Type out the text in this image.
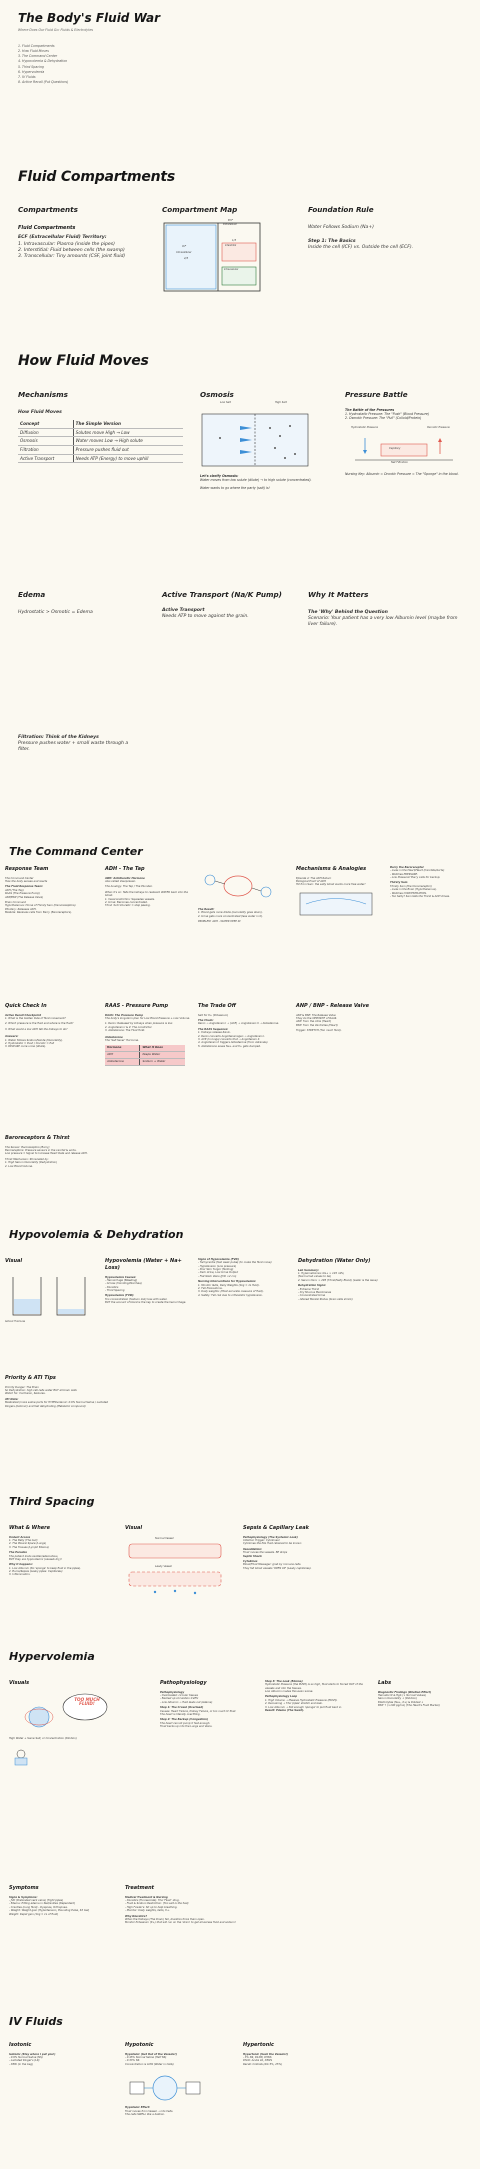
The Body's Fluid War
Where Does Our Fluid Go: Fluids & Electrolytes
1. Fluid Compartments
2. How Fluid Moves
3. The Command Center
4. Hypovolemia & Dehydration
5. Third Spacing
6. Hypervolemia
7. IV Fluids
8. Active Recall (Put Questions)
Fluid Compartments
Compartments
Fluid Compartments
ECF (Extracellular Fluid) Territory:
1. Intravascular: Plasma (inside the pipes)
2. Interstitial: Fluid between cells (the swamp)
3. Transcellular: Tiny amounts (CSF, joint fluid)
Compartment Map
ICF
Intracellular
2/3
ECF
Extracellular
1/3
Interstitial
Intravascular
Foundation Rule
Water Follows Sodium (Na+)
Step 1: The Basics
Inside the cell (ICF) vs. Outside the cell (ECF).
How Fluid Moves
Mechanisms
How Fluid Moves
Concept	The Simple Version
Diffusion	Solutes move High → Low
Osmosis	Water moves Low → High solute
Filtration	Pressure pushes fluid out
Active Transport	Needs ATP (Energy) to move uphill
Osmosis
Low Salt	High Salt
Let's clarify Osmosis:
Water moves from low solute (dilute) → to high solute (concentrated).
Water wants to go where the party (salt) is!
Pressure Battle
The Battle of the Pressures
1. Hydrostatic Pressure: The "Push" (Blood Pressure)
2. Osmotic Pressure: The "Pull" (Colloid/Protein)
Hydrostatic Pressure	Osmotic Pressure
Capillary
Net Filtration
Nursing Key: Albumin = Oncotic Pressure = The "Sponge" in the blood.
Edema
Hydrostatic > Osmotic = Edema
Active Transport (Na/K Pump)
Active Transport
Needs ATP to move against the grain.
Why It Matters
The 'Why' Behind the Question
Scenario: Your patient has a very low Albumin level (maybe from liver failure).
Filtration: Think of the Kidneys
Pressure pushes water + small waste through a filter.
The Command Center
Response Team
The Command Center
How the body senses and reacts
The Fluid Response Team:
ADH (The Tap)
RAAS (The Pressure Pump)
ANP/BNP (The Release Valve)
Brain Command
Hypothalamus: Home of Thirsty Sam (Osmoreceptors).
Pituitary: Releases ADH.
Medulla: Receives calls from Barry (Baroreceptors).
ADH - The Tap
ADH: Antidiuretic Hormone
Also called Vasopressin.
The Analogy: The Tap / The Plumber.
When it's on: Tells the kidneys to reabsorb WATER back into the blood.
1. Vasoconstriction: Squeezes vessels.
2. Urine: Becomes concentrated.
Think 'Anti'-Diuretic = stop peeing.
The Result:
1. Blood gets more dilute (osmolality goes down).
2. Urine gets more concentrated (less water in it).
PROBLEM: ADH - WATER KEEP IN
Mechanisms & Analogies
Episode 4: The ADH Return
Biological Proof of ADH
Hit from Sam: the salty blood wants more free water!
Barry the Baroreceptor
- Lives in the Heart/Heart (Carotids/Aorta)
- Watches PRESSURE.
- Low Pressure? Barry calls for backup.
Thirsty Sam
Thirsty Sam (the Osmoreceptor)
- Lives in the Brain (Hypothalamus).
- Watches CONCENTRATION.
- Too Salty? Sam tells the Thirst & ADH drives.
Quick Check In
Active Recall Checkpoint
1. What is the Golden Rule of fluid movement?
2. Which pressure is the fluid and where is the fluid?
3. What would a low ADH tell the kidneys to do?
Answers:
1. Water follows Sodium/Solute (Osmolality).
2. Hydrostatic = Push / Oncotic = Pull
3. RELEASE more urine (dilute).
RAAS - Pressure Pump
RAAS: The Pressure Pump
The body's long-term plan for Low Blood Pressure + Low Volume.
1. Renin: Released by kidneys when pressure is low.
2. Angiotensin I & II: The constrictor.
3. Aldosterone: The Fluid Hold.
Aldosterone
The 'Salt Saver' Hormone.
Hormone	What It Does
ADH	Keeps Water
Aldosterone	Sodium + Water
The Trade Off
Salt for K+ (Potassium)
The Chain:
Renin → Angiotensin I → (ACE) → Angiotensin II → Aldosterone.
The RAAS Sequence:
1. Kidneys release Renin.
2. Renin converts Angiotensinogen → Angiotensin I.
3. ACE (in lungs) converts that → Angiotensin II.
4. Angiotensin II triggers Aldosterone (from Adrenals).
5. Aldosterone saves Na+ and K+ gets dumped.
ANP / BNP - Release Valve
ANP & BNP: The Release Valve
They do the OPPOSITE of RAAS.
ANP: from the Atria (Heart)
BNP: from the Ventricles (Heart)
Trigger: STRETCH (Too much fluid).
Baroreceptors & Thirst
The Sensor: Baroreceptors (Barry)
Baroreceptors: Pressure sensors in the carotid & aorta.
Low pressure = Signal to Increase Heart Rate and release ADH.
Thirst Mechanism: Stimulated by:
1. High Serum Osmolality (Dehydration)
2. Low Blood Volume.
Hypovolemia & Dehydration
Visual
Isotonic Fluid Loss
Hypovolemia (Water + Na+ Loss)
Hypovolemia Causes:
- Hemorrhage (Bleeding)
- GI loss (Vomiting/Diarrhea)
- Diuretics
- Third Spacing
Hypovolemia (FVD):
Too concentrated. (Sodium lost) loss with water.
BUT the amount of blood is the key to create the hemorrhage.
Signs of Hypovolemia (FVD)
- Tachycardia (fast weak pulse) (to make the fluid move)
- Hypotension (Low pressure)
- Poor Skin Turgor (Tenting)
- Dark Urine, Low Urine Output
- Flat Neck Veins (JVD <2 cm)
Nursing Interventions for Hypovolemia:
1. Monitor I&Os, Daily Weights (1kg = 1L fluid).
2. Fall Precautions.
3. Daily weights: (Most accurate measure of fluid).
4. Safety: Fall risk due to orthostatic hypotension.
Dehydration (Water Only)
Lab Summary:
1. Hypernatremia: Na+ > 145 mEq
(Normal lab values to be)
2. Serum Osm: > 295 (Thirst/Salty Blood) (water is the issue)
Dehydration Signs:
- Extreme Thirst
- Dry Mucous Membranes
- Concentrated Urine
- Altered Mental Status (brain cells shrink)
Priority & ATI Tips
Priority Danger: The Brain
So Dehydration: high cell cells water BUT all brain cells
Watch for: Confusion, Seizures.
ATI Note:
Medicated (more saline ports for HYPERvolemic: 0.9% Normal Saline / Lactated Ringers (Isotonic) and fast dehydrating (Metabolic compound)
Third Spacing
What & Where
Unduct Access
1. The Belly (The Gut)
2. The Pleural Space (Lungs)
3. The Tissues (Lymph Edema)
The Paradox
The patient looks swollen/edematous,
BUT they are hypovolemic (vessels dry)!
Why it happens:
1. Low Albumin (No 'sponge' to keep fluid in the pipes).
2. Burns/Sepsis (Leaky pipes: Capillaries)
3. Inflammation.
Visual
Normal Vessel
Leaky Vessel
Sepsis & Capillary Leak
Pathophysiology (The Systemic Leak)
Infection Trigger: Cytokines!
Cytokines the PAL fluid retained to be known
Vasodilation:
Fluid moves the vessels. BP drops
Septic Shock
Cytokines
Blood/Fluid Massager: grab by immune cells.
They fall blood vessels 'OPEN UP' (Leaky capillaries).
Hypervolemia
Visuals
TOO MUCH FLUID!
High Water + Same Salt, or Concentration (Dilution)
Pathophysiology
Pathophysiology
- Overloaded: circular tissues
- Backed up circulation traffic
- Low Albumin → fluid leaks out (edema)
Step 1: The Crowd (Overload)
Causes: Heart Failure, Kidney Failure, or too much IV fluid.
The heart is literally overfilling.
Step 2: The Backup (Congestion)
The heart cannot pump it fast enough.
Fluid backs up into the Lungs and Veins.
Step 3: The Leak (Edema)
Hydrostatic Pressure (the PUSH) is so high, fluid starts to forced OUT of the vessels and into the tissues.
Low Albumin makes this even worse.
Pathophysiology Loop
1. High Volume → Massive Hydrostatic Pressure (PUSH).
2. Remaining → The 'pipes' stretch and leak.
3. Low Albumin → Not enough 'sponge' to pull fluid back in.
Result: Edema (The Swell).
Labs
Diagnostic Findings (Dilution Effect)
Hematocrit & Hgb (↓ Normal Values)
Serum Osmolality ↓ (Dilution)
Electrolytes (Na+, K+) & Diluted ↓
BNP ↑ (>100 pg/mL) (The Heart's Fluid Marker)
Symptoms
Signs & Symptoms:
- JVD (Distended neck veins) (Tight pipes)
- Edema: Pitting edema in feet/ankles (Dependent)
- Crackles (Lung fluid) - Dyspnea, Orthopnea.
- Weight: Weight gain (Hypertension, Bounding Pulse, S3 Gal)
Weight: Rapid gain (1kg = 1L of fluid)
Treatment
Medical Treatment & Nursing
- Diuretics (Furosemide): The 'Flush' drug.
- Fluid & Sodium Restriction: (Too salt is the fuel)
- High Fowler's: Sit up to help breathing.
- Monitor: Daily weights, I&Os, K+.
Why Diuretics?
When the Kidneys (The Drain) fail, diuretics force them open.
Monitor Potassium (K+) that will run on the 'drain' to get all excess fluid and sodium!
IV Fluids
Isotonic
Isotonic (Stay where I put you!)
- 0.9% Normal Saline (NS)
- Lactated Ringer's (LR)
- D5W (in the bag)
Hypotonic
Hypotonic (Get Out of the Vessels!)
- 0.45% Normal Saline (Half NS)
- 0.33% NS
Concentration is LOW (Water in Cells)
Hypotonic Effect:
Fluid moves from Vessel → into Cells.
The cells SWELL like a balloon.
Hypertonic
Hypertonic (Suck the Vessels!)
- 3% NS, D10W, D5NS
D5LR: Acute LR, D5NS
Recall: Colloids (Alb 5%, 25%)
